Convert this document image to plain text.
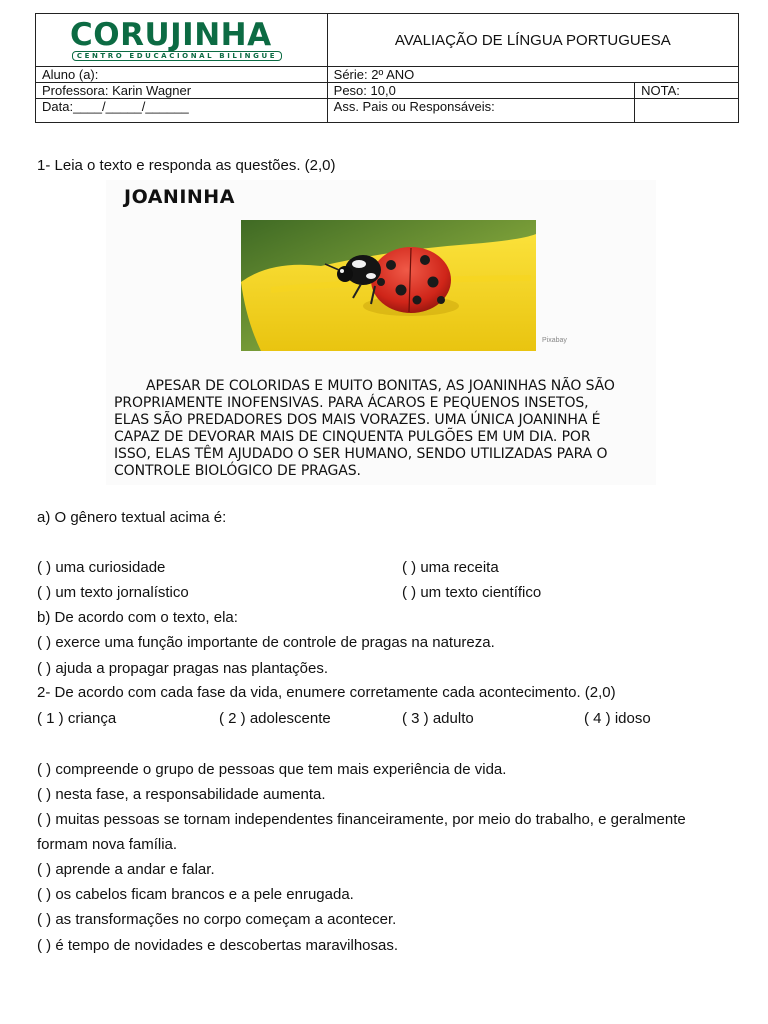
CORUJINHA
CENTRO EDUCACIONAL BILÍNGUE	AVALIAÇÃO DE LÍNGUA PORTUGUESA	
Aluno (a):	Série: 2º ANO	
Professora: Karin Wagner	Peso: 10,0	NOTA:
Data:____/_____/______	Ass. Pais ou Responsáveis:	
1- Leia o texto e responda as questões. (2,0)
JOANINHA
Pixabay
APESAR DE COLORIDAS E MUITO BONITAS, AS JOANINHAS NÃO SÃO
PROPRIAMENTE INOFENSIVAS. PARA ÁCAROS E PEQUENOS INSETOS,
ELAS SÃO PREDADORES DOS MAIS VORAZES. UMA ÚNICA JOANINHA É
CAPAZ DE DEVORAR MAIS DE CINQUENTA PULGÕES EM UM DIA. POR
ISSO, ELAS TÊM AJUDADO O SER HUMANO, SENDO UTILIZADAS PARA O
CONTROLE BIOLÓGICO DE PRAGAS.
a) O gênero textual acima é:
( ) uma curiosidade	( ) uma receita
( ) um texto jornalístico	( ) um texto científico
b) De acordo com o texto, ela:
( ) exerce uma função importante de controle de pragas na natureza.
( ) ajuda a propagar pragas nas plantações.
2- De acordo com cada fase da vida, enumere corretamente cada acontecimento. (2,0)
( 1 ) criança	( 2 ) adolescente	( 3 ) adulto	( 4 ) idoso
( ) compreende o grupo de pessoas que tem mais experiência de vida.
( ) nesta fase, a responsabilidade aumenta.
( ) muitas pessoas se tornam independentes financeiramente, por meio do trabalho, e geralmente
formam nova família.
( ) aprende a andar e falar.
( ) os cabelos ficam brancos e a pele enrugada.
( ) as transformações no corpo começam a acontecer.
( ) é tempo de novidades e descobertas maravilhosas.
